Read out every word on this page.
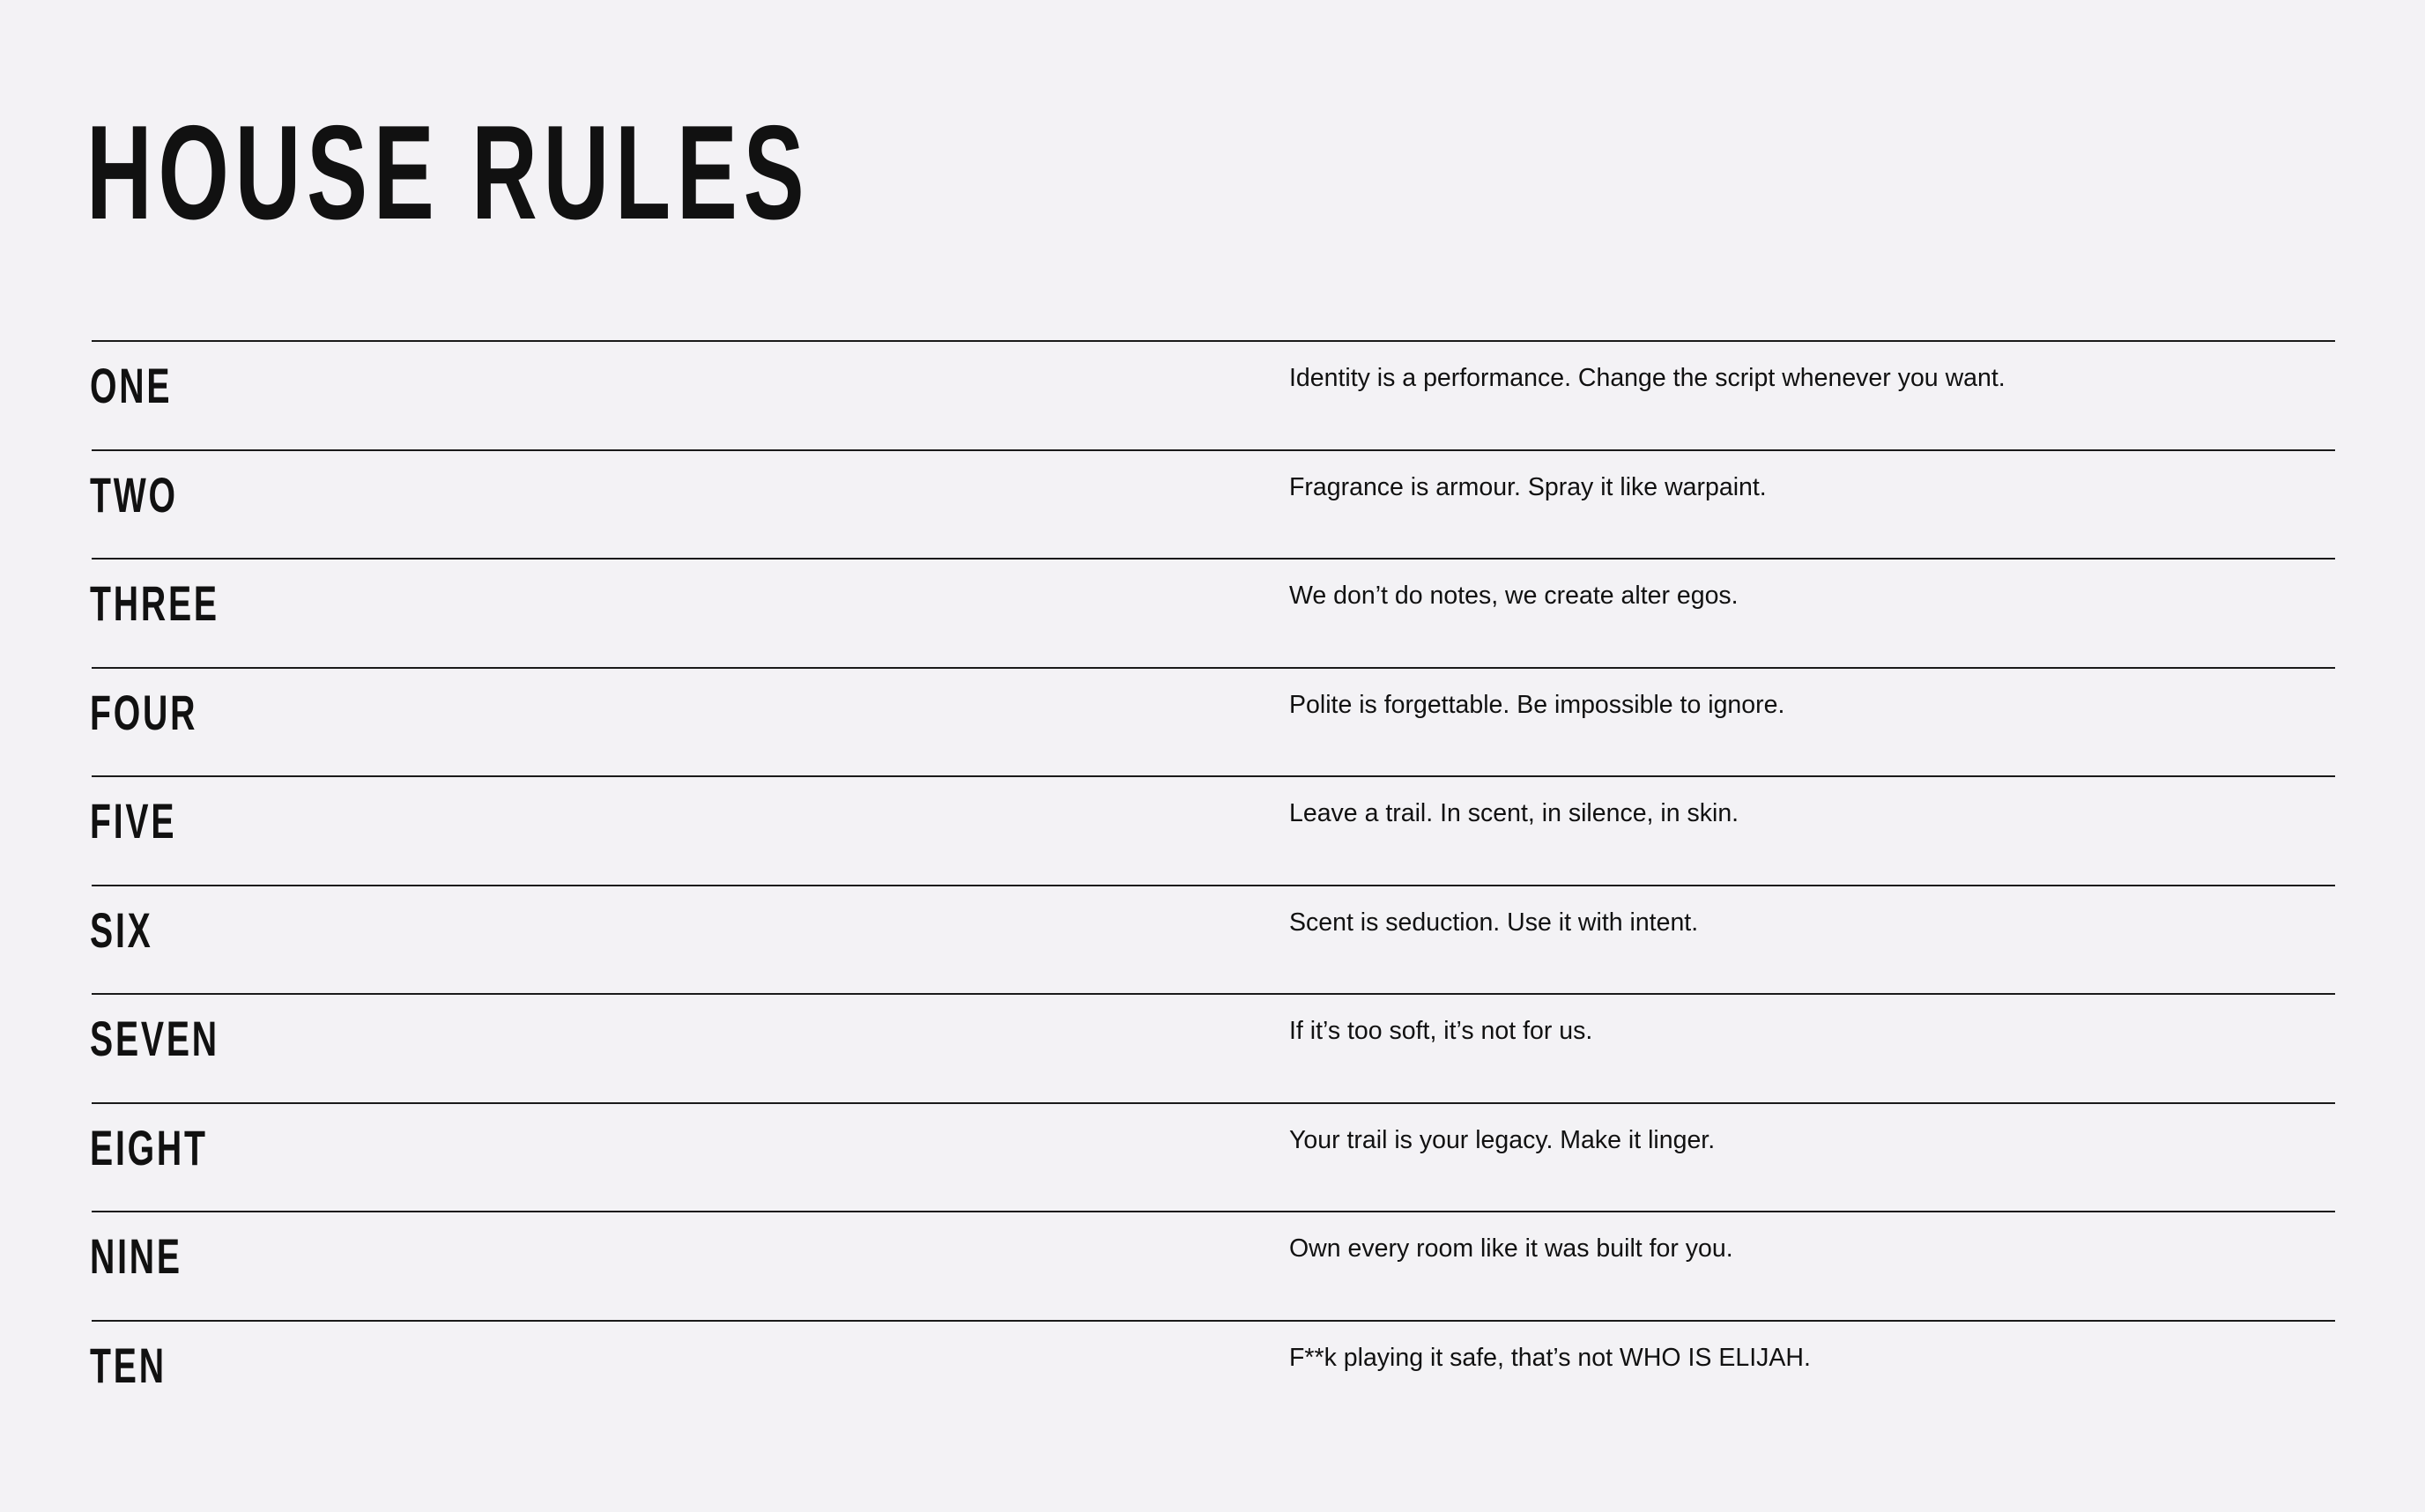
HOUSE RULES
ONE	Identity is a performance. Change the script whenever you want.
TWO	Fragrance is armour. Spray it like warpaint.
THREE	We don’t do notes, we create alter egos.
FOUR	Polite is forgettable. Be impossible to ignore.
FIVE	Leave a trail. In scent, in silence, in skin.
SIX	Scent is seduction. Use it with intent.
SEVEN	If it’s too soft, it’s not for us.
EIGHT	Your trail is your legacy. Make it linger.
NINE	Own every room like it was built for you.
TEN	F**k playing it safe, that’s not WHO IS ELIJAH.
